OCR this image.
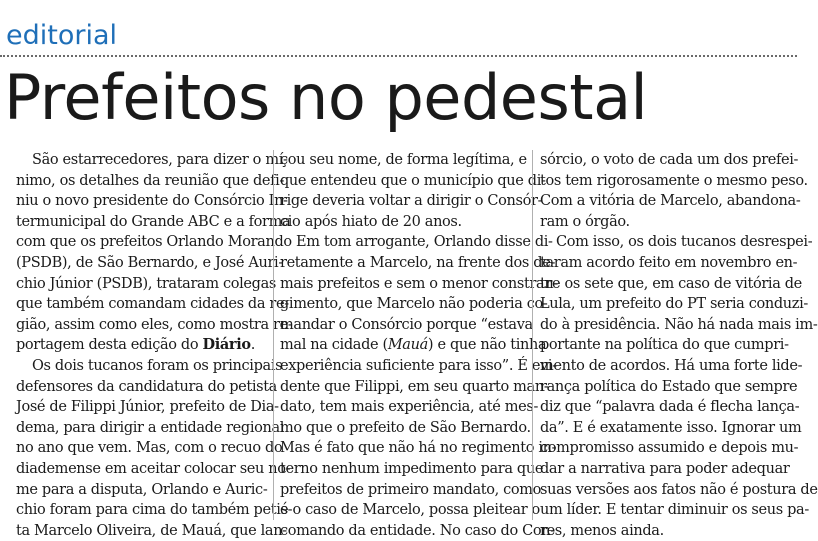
editorial
Prefeitos no pedestal
São estarrecedores, para dizer o mí-
nimo, os detalhes da reunião que defi-
niu o novo presidente do Consórcio In-
termunicipal do Grande ABC e a forma
com que os prefeitos Orlando Morando
(PSDB), de São Bernardo, e José Auri-
chio Júnior (PSDB), trataram colegas
que também comandam cidades da re-
gião, assim como eles, como mostra re-
portagem desta edição do Diário.
Os dois tucanos foram os principais
defensores da candidatura do petista
José de Filippi Júnior, prefeito de Dia-
dema, para dirigir a entidade regional
no ano que vem. Mas, com o recuo do
diademense em aceitar colocar seu no-
me para a disputa, Orlando e Auric-
chio foram para cima do também petis-
ta Marcelo Oliveira, de Mauá, que lan-
çou seu nome, de forma legítima, e
que entendeu que o município que di-
rige deveria voltar a dirigir o Consór-
cio após hiato de 20 anos.
Em tom arrogante, Orlando disse di-
retamente a Marcelo, na frente dos de-
mais prefeitos e sem o menor constran-
gimento, que Marcelo não poderia co-
mandar o Consórcio porque “estava
mal na cidade (Mauá) e que não tinha
experiência suficiente para isso”. É evi-
dente que Filippi, em seu quarto man-
dato, tem mais experiência, até mes-
mo que o prefeito de São Bernardo.
Mas é fato que não há no regimento in-
terno nenhum impedimento para que
prefeitos de primeiro mandato, como
é o caso de Marcelo, possa pleitear o
comando da entidade. No caso do Con-
sórcio, o voto de cada um dos prefei-
tos tem rigorosamente o mesmo peso.
Com a vitória de Marcelo, abandona-
ram o órgão.
Com isso, os dois tucanos desrespei-
taram acordo feito em novembro en-
tre os sete que, em caso de vitória de
Lula, um prefeito do PT seria conduzi-
do à presidência. Não há nada mais im-
portante na política do que cumpri-
mento de acordos. Há uma forte lide-
rança política do Estado que sempre
diz que “palavra dada é flecha lança-
da”. E é exatamente isso. Ignorar um
compromisso assumido e depois mu-
dar a narrativa para poder adequar
suas versões aos fatos não é postura de
um líder. E tentar diminuir os seus pa-
res, menos ainda.
